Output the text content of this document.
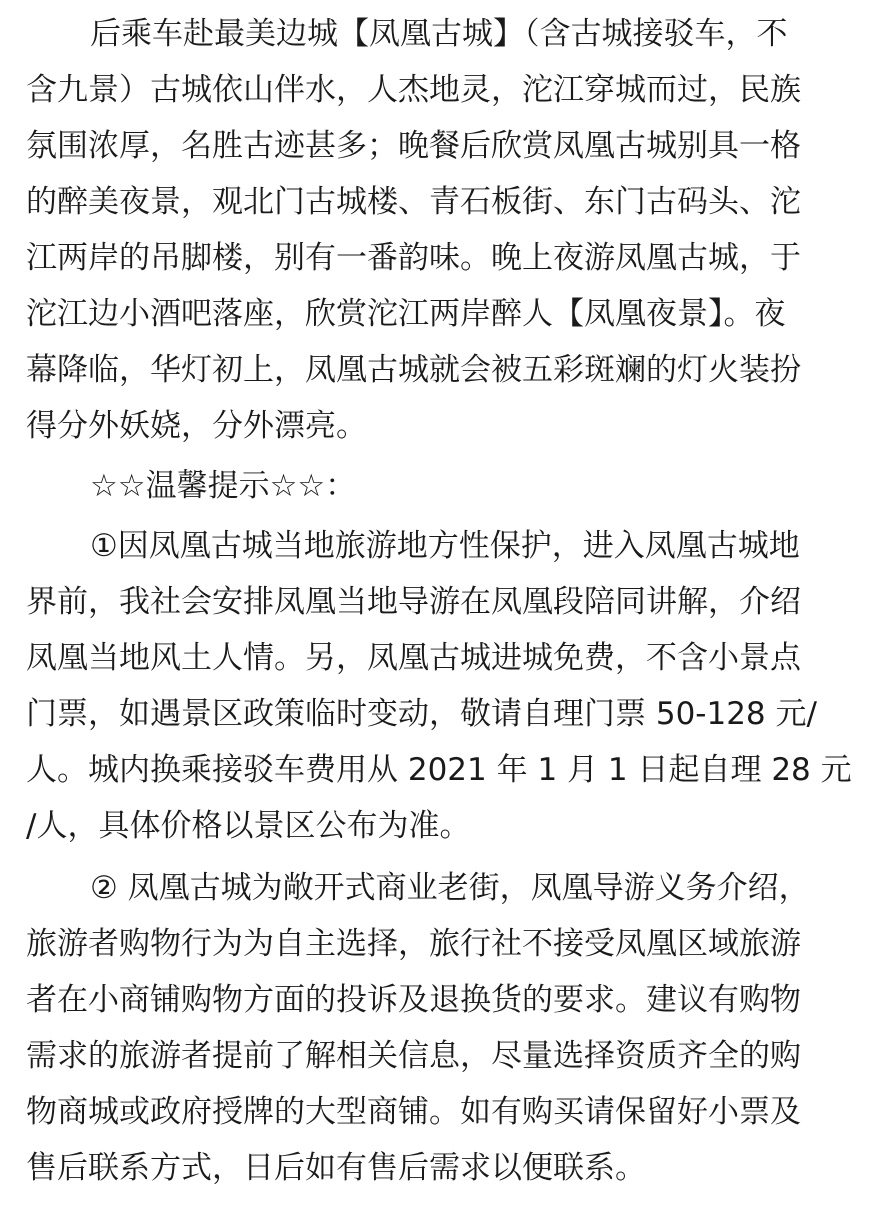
后乘车赴最美边城【凤凰古城】（含古城接驳车，不
含九景）古城依山伴水，人杰地灵，沱江穿城而过，民族
氛围浓厚，名胜古迹甚多；晚餐后欣赏凤凰古城别具一格
的醉美夜景，观北门古城楼、青石板街、东门古码头、沱
江两岸的吊脚楼，别有一番韵味。晚上夜游凤凰古城，于
沱江边小酒吧落座，欣赏沱江两岸醉人【凤凰夜景】。夜
幕降临，华灯初上，凤凰古城就会被五彩斑斓的灯火装扮
得分外妖娆，分外漂亮。
☆☆温馨提示☆☆：
①因凤凰古城当地旅游地方性保护，进入凤凰古城地
界前，我社会安排凤凰当地导游在凤凰段陪同讲解，介绍
凤凰当地风土人情。另，凤凰古城进城免费，不含小景点
门票，如遇景区政策临时变动，敬请自理门票 50-128 元/
人。城内换乘接驳车费用从 2021 年 1 月 1 日起自理 28 元
/人，具体价格以景区公布为准。
② 凤凰古城为敞开式商业老街，凤凰导游义务介绍，
旅游者购物行为为自主选择，旅行社不接受凤凰区域旅游
者在小商铺购物方面的投诉及退换货的要求。建议有购物
需求的旅游者提前了解相关信息，尽量选择资质齐全的购
物商城或政府授牌的大型商铺。如有购买请保留好小票及
售后联系方式，日后如有售后需求以便联系。
